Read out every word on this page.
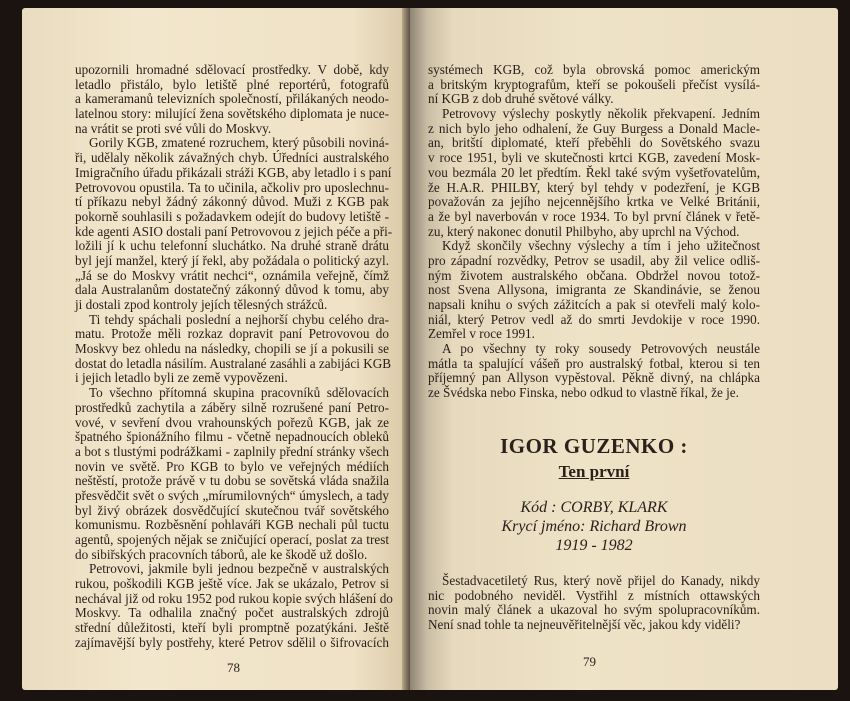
upozornili hromadné sdělovací prostředky. V době, kdy
letadlo přistálo, bylo letiště plné reportérů, fotografů
a kameramanů televizních společností, přilákaných neodo-
latelnou story: milující žena sovětského diplomata je nuce-
na vrátit se proti své vůli do Moskvy.
Gorily KGB, zmatené rozruchem, který působili noviná-
ři, udělaly několik závažných chyb. Úředníci australského
Imigračního úřadu přikázali stráži KGB, aby letadlo i s paní
Petrovovou opustila. Ta to učinila, ačkoliv pro uposlechnu-
tí příkazu nebyl žádný zákonný důvod. Muži z KGB pak
pokorně souhlasili s požadavkem odejít do budovy letiště -
kde agenti ASIO dostali paní Petrovovou z jejich péče a při-
ložili jí k uchu telefonní sluchátko. Na druhé straně drátu
byl její manžel, který jí řekl, aby požádala o politický azyl.
„Já se do Moskvy vrátit nechci“, oznámila veřejně, čímž
dala Australanům dostatečný zákonný důvod k tomu, aby
ji dostali zpod kontroly jejích tělesných strážců.
Ti tehdy spáchali poslední a nejhorší chybu celého dra-
matu. Protože měli rozkaz dopravit paní Petrovovou do
Moskvy bez ohledu na následky, chopili se jí a pokusili se
dostat do letadla násilím. Australané zasáhli a zabijáci KGB
i jejich letadlo byli ze země vypovězeni.
To všechno přítomná skupina pracovníků sdělovacích
prostředků zachytila a záběry silně rozrušené paní Petro-
vové, v sevření dvou vrahounských pořezů KGB, jak ze
špatného špionážního filmu - včetně nepadnoucích obleků
a bot s tlustými podrážkami - zaplnily přední stránky všech
novin ve světě. Pro KGB to bylo ve veřejných médiích
neštěstí, protože právě v tu dobu se sovětská vláda snažila
přesvědčit svět o svých „mírumilovných“ úmyslech, a tady
byl živý obrázek dosvědčující skutečnou tvář sovětského
komunismu. Rozběsnění pohlaváři KGB nechali půl tuctu
agentů, spojených nějak se zničující operací, poslat za trest
do sibiřských pracovních táborů, ale ke škodě už došlo.
Petrovovi, jakmile byli jednou bezpečně v australských
rukou, poškodili KGB ještě více. Jak se ukázalo, Petrov si
nechával již od roku 1952 pod rukou kopie svých hlášení do
Moskvy. Ta odhalila značný počet australských zdrojů
střední důležitosti, kteří byli promptně pozatýkáni. Ještě
zajímavější byly postřehy, které Petrov sdělil o šifrovacích
78
systémech KGB, což byla obrovská pomoc americkým
a britským kryptografům, kteří se pokoušeli přečíst vysílá-
ní KGB z dob druhé světové války.
Petrovovy výslechy poskytly několik překvapení. Jedním
z nich bylo jeho odhalení, že Guy Burgess a Donald Macle-
an, britští diplomaté, kteří přeběhli do Sovětského svazu
v roce 1951, byli ve skutečnosti krtci KGB, zavedení Mosk-
vou bezmála 20 let předtím. Řekl také svým vyšetřovatelům,
že H.A.R. PHILBY, který byl tehdy v podezření, je KGB
považován za jejího nejcennějšího krtka ve Velké Británii,
a že byl naverbován v roce 1934. To byl první článek v řetě-
zu, který nakonec donutil Philbyho, aby uprchl na Východ.
Když skončily všechny výslechy a tím i jeho užitečnost
pro západní rozvědky, Petrov se usadil, aby žil velice odliš-
ným životem australského občana. Obdržel novou totož-
nost Svena Allysona, imigranta ze Skandinávie, se ženou
napsali knihu o svých zážitcích a pak si otevřeli malý kolo-
niál, který Petrov vedl až do smrti Jevdokije v roce 1990.
Zemřel v roce 1991.
A po všechny ty roky sousedy Petrovových neustále
mátla ta spalující vášeň pro australský fotbal, kterou si ten
příjemný pan Allyson vypěstoval. Pěkně divný, na chlápka
ze Švédska nebo Finska, nebo odkud to vlastně říkal, že je.
IGOR GUZENKO :
Ten první
Kód : CORBY, KLARK
Krycí jméno: Richard Brown
1919 - 1982
Šestadvacetiletý Rus, který nově přijel do Kanady, nikdy
nic podobného neviděl. Vystřihl z místních ottawských
novin malý článek a ukazoval ho svým spolupracovníkům.
Není snad tohle ta nejneuvěřitelnější věc, jakou kdy viděli?
79
